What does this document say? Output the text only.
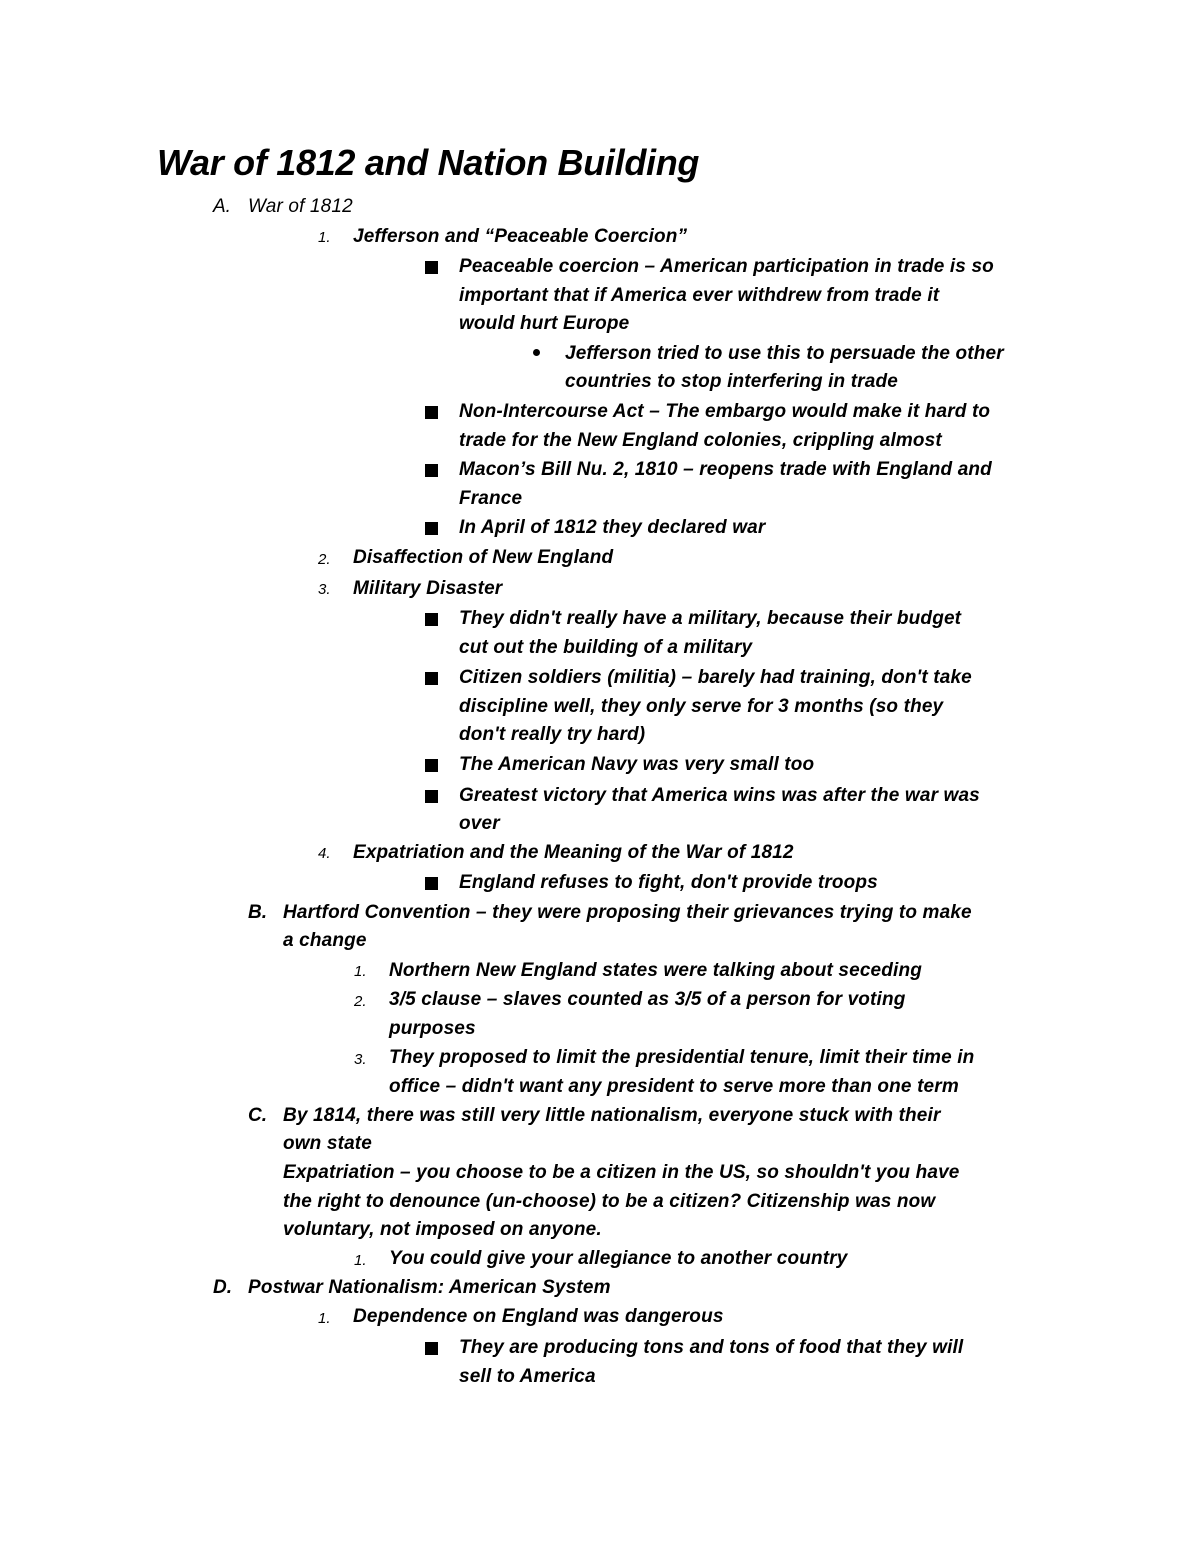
War of 1812 and Nation Building
A. War of 1812
1. Jefferson and “Peaceable Coercion”
Peaceable coercion – American participation in trade is so
important that if America ever withdrew from trade it
would hurt Europe
Jefferson tried to use this to persuade the other
countries to stop interfering in trade
Non-Intercourse Act – The embargo would make it hard to
trade for the New England colonies, crippling almost
Macon’s Bill Nu. 2, 1810 – reopens trade with England and
France
In April of 1812 they declared war
2. Disaffection of New England
3. Military Disaster
They didn't really have a military, because their budget
cut out the building of a military
Citizen soldiers (militia) – barely had training, don't take
discipline well, they only serve for 3 months (so they
don't really try hard)
The American Navy was very small too
Greatest victory that America wins was after the war was
over
4. Expatriation and the Meaning of the War of 1812
England refuses to fight, don't provide troops
B. Hartford Convention – they were proposing their grievances trying to make
a change
1. Northern New England states were talking about seceding
2. 3/5 clause – slaves counted as 3/5 of a person for voting
purposes
3. They proposed to limit the presidential tenure, limit their time in
office – didn't want any president to serve more than one term
C. By 1814, there was still very little nationalism, everyone stuck with their
own state
Expatriation – you choose to be a citizen in the US, so shouldn't you have
the right to denounce (un-choose) to be a citizen? Citizenship was now
voluntary, not imposed on anyone.
1. You could give your allegiance to another country
D. Postwar Nationalism: American System
1. Dependence on England was dangerous
They are producing tons and tons of food that they will
sell to America
